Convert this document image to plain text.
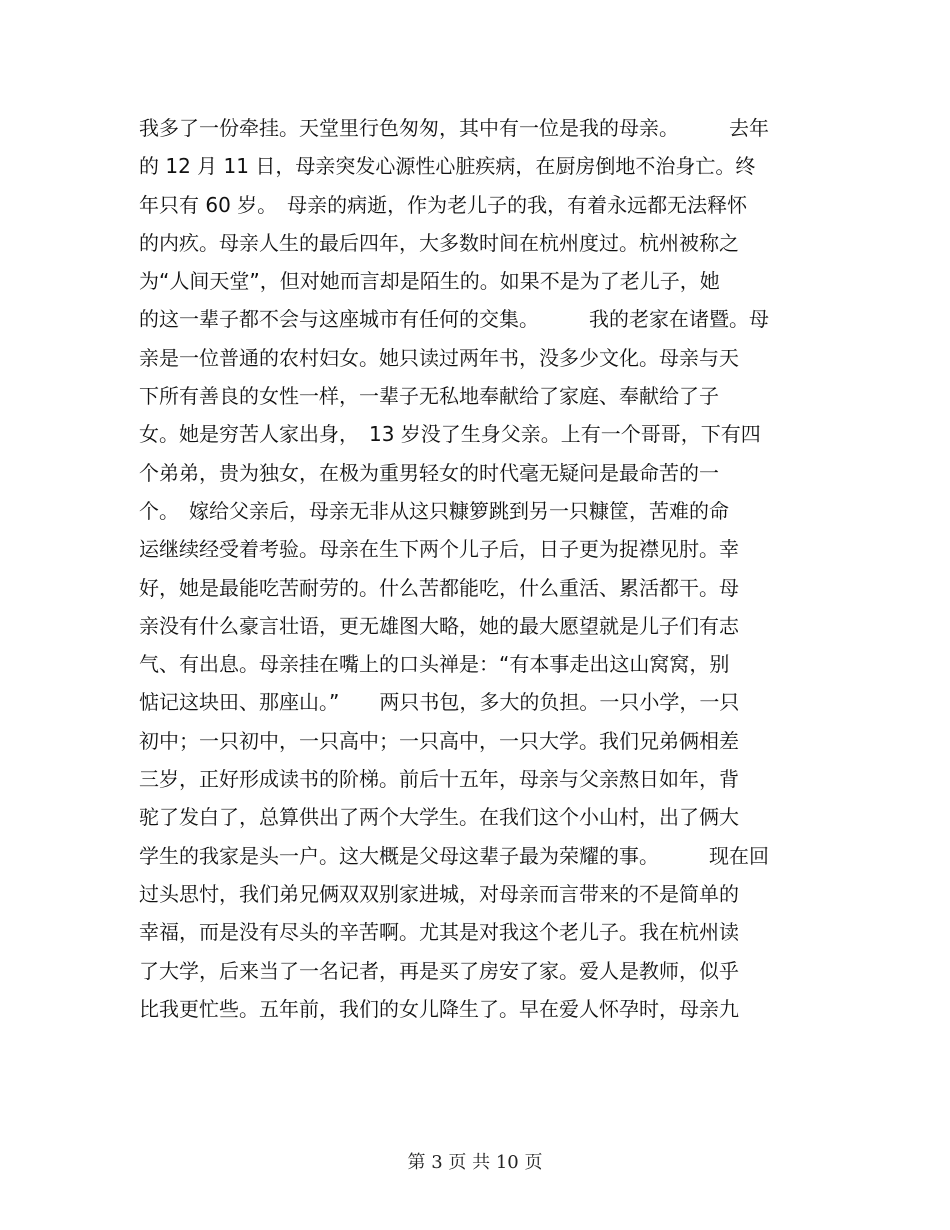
我多了一份牵挂。天堂里行色匆匆，其中有一位是我的母亲。　　　去年
的 12 月 11 日，母亲突发心源性心脏疾病，在厨房倒地不治身亡。终
年只有 60 岁。　母亲的病逝，作为老儿子的我，有着永远都无法释怀
的内疚。母亲人生的最后四年，大多数时间在杭州度过。杭州被称之
为“人间天堂”，但对她而言却是陌生的。如果不是为了老儿子，她
的这一辈子都不会与这座城市有任何的交集。　　　我的老家在诸暨。母
亲是一位普通的农村妇女。她只读过两年书，没多少文化。母亲与天
下所有善良的女性一样，一辈子无私地奉献给了家庭、奉献给了子
女。她是穷苦人家出身，　13 岁没了生身父亲。上有一个哥哥，下有四
个弟弟，贵为独女，在极为重男轻女的时代毫无疑问是最命苦的一
个。　嫁给父亲后，母亲无非从这只糠箩跳到另一只糠筐，苦难的命
运继续经受着考验。母亲在生下两个儿子后，日子更为捉襟见肘。幸
好，她是最能吃苦耐劳的。什么苦都能吃，什么重活、累活都干。母
亲没有什么豪言壮语，更无雄图大略，她的最大愿望就是儿子们有志
气、有出息。母亲挂在嘴上的口头禅是：“有本事走出这山窝窝，别
惦记这块田、那座山。”　　两只书包，多大的负担。一只小学，一只
初中；一只初中，一只高中；一只高中，一只大学。我们兄弟俩相差
三岁，正好形成读书的阶梯。前后十五年，母亲与父亲熬日如年，背
驼了发白了，总算供出了两个大学生。在我们这个小山村，出了俩大
学生的我家是头一户。这大概是父母这辈子最为荣耀的事。　　　现在回
过头思忖，我们弟兄俩双双别家进城，对母亲而言带来的不是简单的
幸福，而是没有尽头的辛苦啊。尤其是对我这个老儿子。我在杭州读
了大学，后来当了一名记者，再是买了房安了家。爱人是教师，似乎
比我更忙些。五年前，我们的女儿降生了。早在爱人怀孕时，母亲九
第 3 页 共 10 页
